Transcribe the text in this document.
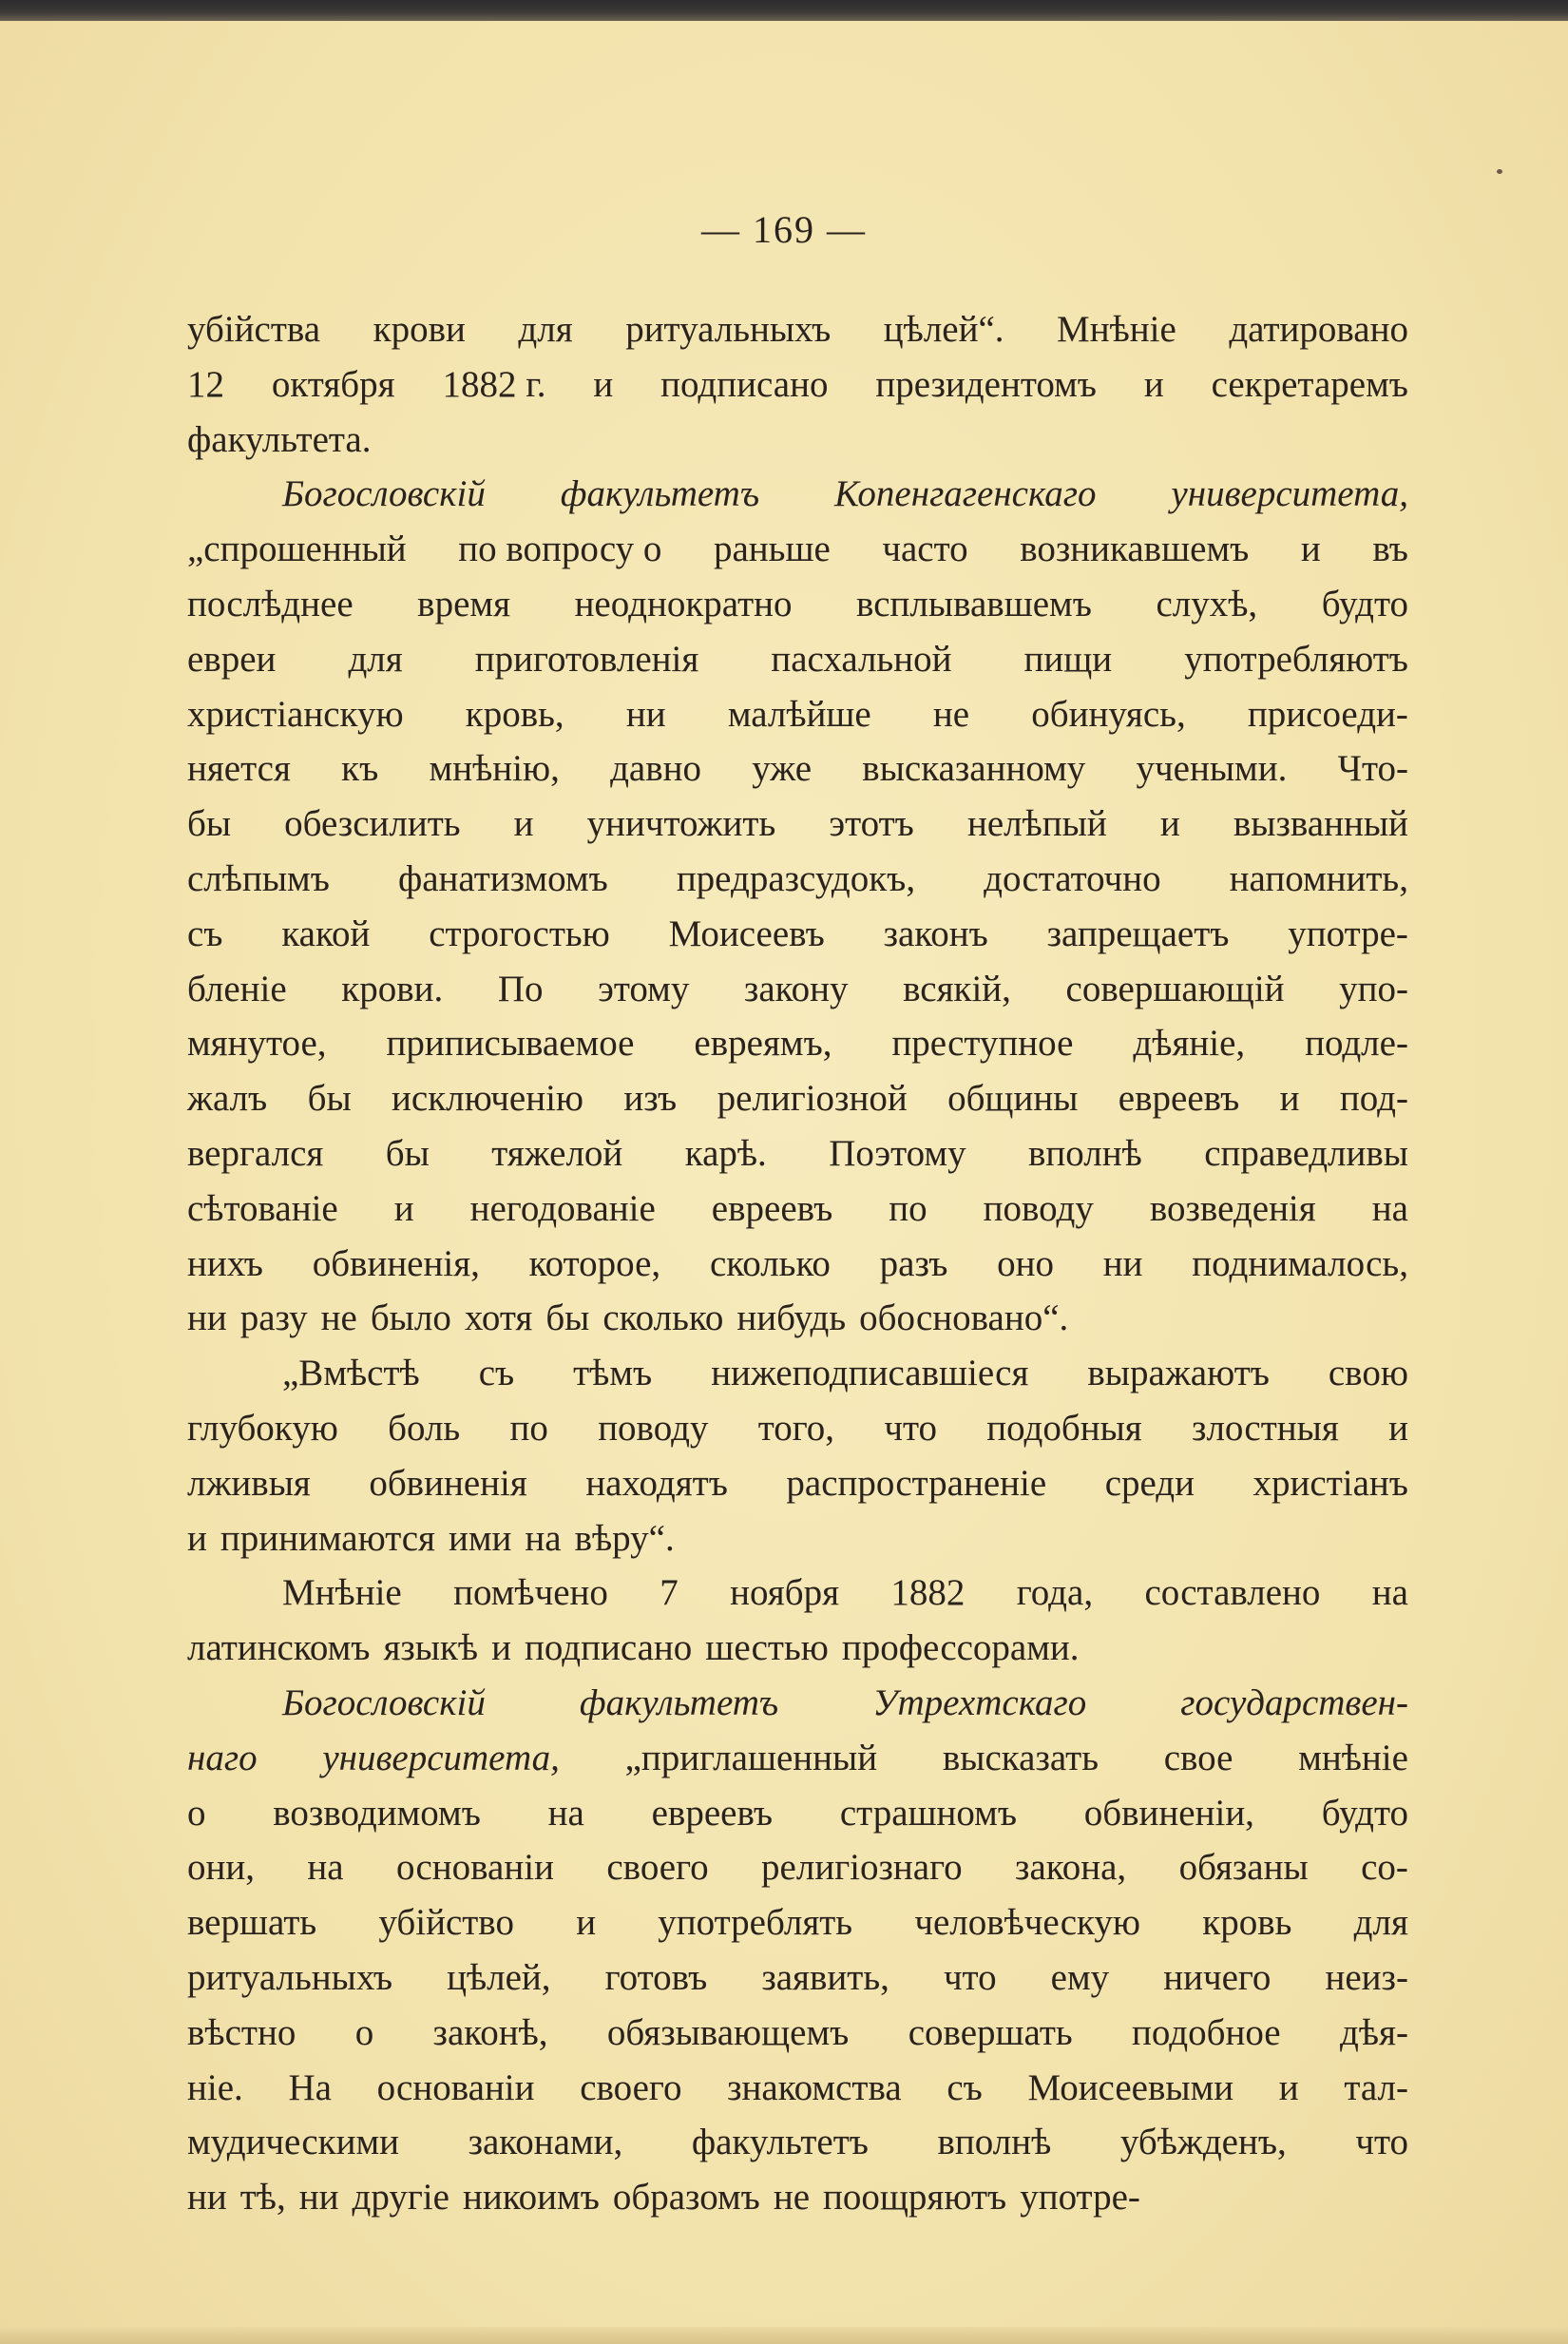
— 169 —
убійства крови для ритуальныхъ цѣлей“. Мнѣніе датировано
12 октября 1882 г. и подписано президентомъ и секретаремъ
факультета.
Богословскій факультетъ Копенгагенскаго университета,
„спрошенный по вопросу о раньше часто возникавшемъ и въ
послѣднее время неоднократно всплывавшемъ слухѣ, будто
евреи для приготовленія пасхальной пищи употребляютъ
христіанскую кровь, ни малѣйше не обинуясь, присоеди-
няется къ мнѣнію, давно уже высказанному учеными. Что-
бы обезсилить и уничтожить этотъ нелѣпый и вызванный
слѣпымъ фанатизмомъ предразсудокъ, достаточно напомнить,
съ какой строгостью Моисеевъ законъ запрещаетъ употре-
бленіе крови. По этому закону всякій, совершающій упо-
мянутое, приписываемое евреямъ, преступное дѣяніе, подле-
жалъ бы исключенію изъ религіозной общины евреевъ и под-
вергался бы тяжелой карѣ. Поэтому вполнѣ справедливы
сѣтованіе и негодованіе евреевъ по поводу возведенія на
нихъ обвиненія, которое, сколько разъ оно ни поднималось,
ни разу не было хотя бы сколько нибудь обосновано“.
„Вмѣстѣ съ тѣмъ нижеподписавшіеся выражаютъ свою
глубокую боль по поводу того, что подобныя злостныя и
лживыя обвиненія находятъ распространеніе среди христіанъ
и принимаются ими на вѣру“.
Мнѣніе помѣчено 7 ноября 1882 года, составлено на
латинскомъ языкѣ и подписано шестью профессорами.
Богословскій	факультетъ	Утрехтскаго	государствен-
наго университета, „приглашенный высказать свое мнѣніе
о возводимомъ на евреевъ страшномъ обвиненіи, будто
они, на основаніи своего религіознаго закона, обязаны со-
вершать убійство и употреблять человѣческую кровь для
ритуальныхъ цѣлей, готовъ заявить, что ему ничего неиз-
вѣстно о законѣ, обязывающемъ совершать подобное дѣя-
ніе. На основаніи своего знакомства съ Моисеевыми и тал-
мудическими законами, факультетъ вполнѣ убѣжденъ, что
ни тѣ, ни другіе никоимъ образомъ не поощряютъ употре-
